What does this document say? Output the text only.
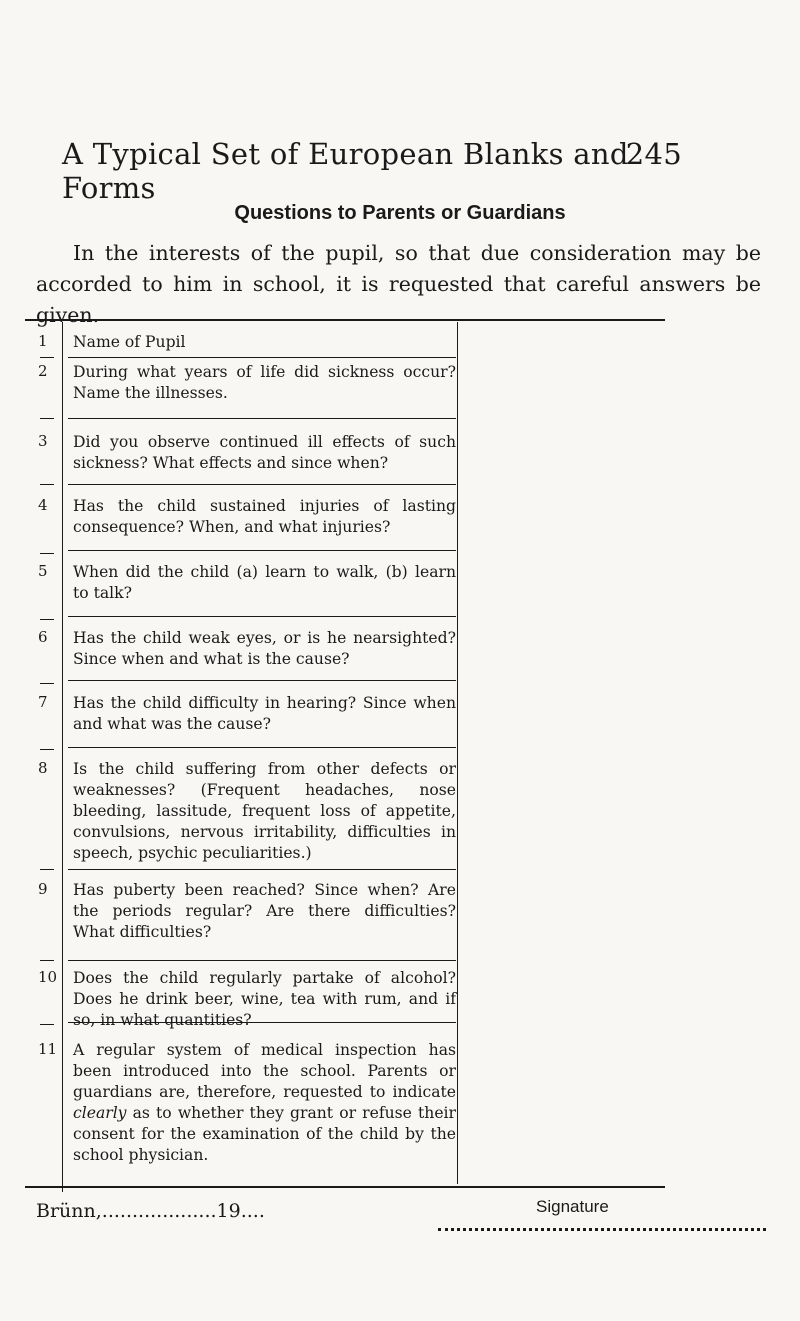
A Typical Set of European Blanks and Forms
245
Questions to Parents or Guardians
In the interests of the pupil, so that due consideration may be accorded to him in school, it is requested that careful answers be given.
1	Name of Pupil
2	During what years of life did sickness occur? Name the illnesses.
3	Did you observe continued ill effects of such sickness? What effects and since when?
4	Has the child sustained injuries of lasting consequence? When, and what injuries?
5	When did the child (a) learn to walk, (b) learn to talk?
6	Has the child weak eyes, or is he nearsighted? Since when and what is the cause?
7	Has the child difficulty in hearing? Since when and what was the cause?
8	Is the child suffering from other defects or weaknesses? (Frequent headaches, nose bleeding, lassitude, frequent loss of appetite, convulsions, nervous irritability, difficulties in speech, psychic peculiarities.)
9	Has puberty been reached? Since when? Are the periods regular? Are there difficulties? What difficulties?
10 Does the child regularly partake of alcohol? Does he drink beer, wine, tea with rum, and if so, in what quantities?
11 A regular system of medical inspection has been introduced into the school. Parents or guardians are, therefore, requested to indicate clearly as to whether they grant or refuse their consent for the examination of the child by the school physician.
Brünn,...................19....	Signature
